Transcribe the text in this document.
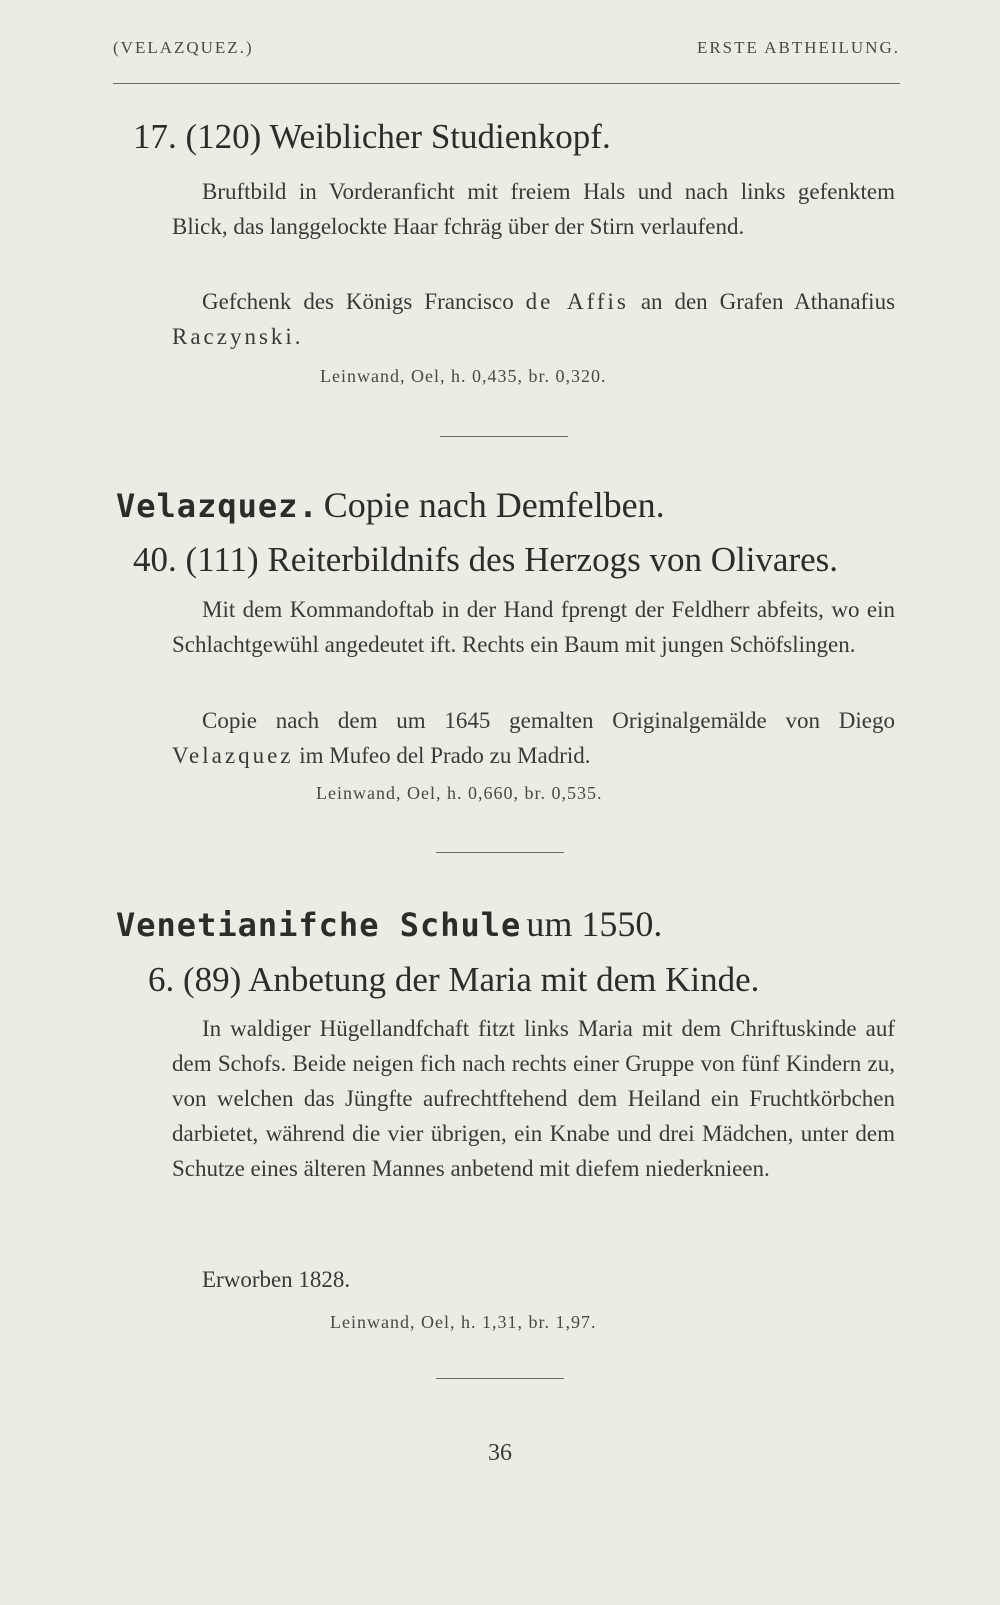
(VELAZQUEZ.)	ERSTE ABTHEILUNG.
17. (120) Weiblicher Studienkopf.

Bruftbild in Vorderanficht mit freiem Hals und nach links gefenktem Blick, das langgelockte Haar fchräg über der Stirn verlaufend.

Gefchenk des Königs Francisco de Affis an den Grafen Athanafius Raczynski.

Leinwand, Oel, h. 0,435, br. 0,320.
Velazquez. Copie nach Demfelben.
40. (111) Reiterbildnifs des Herzogs von Olivares.

Mit dem Kommandoftab in der Hand fprengt der Feldherr abfeits, wo ein Schlachtgewühl angedeutet ift. Rechts ein Baum mit jungen Schöfslingen.

Copie nach dem um 1645 gemalten Originalgemälde von Diego Velazquez im Mufeo del Prado zu Madrid.

Leinwand, Oel, h. 0,660, br. 0,535.
Venetianifche Schule um 1550.
6. (89) Anbetung der Maria mit dem Kinde.

In waldiger Hügellandfchaft fitzt links Maria mit dem Chriftuskinde auf dem Schofs. Beide neigen fich nach rechts einer Gruppe von fünf Kindern zu, von welchen das Jüngfte aufrechtftehend dem Heiland ein Fruchtkörbchen darbietet, während die vier übrigen, ein Knabe und drei Mädchen, unter dem Schutze eines älteren Mannes anbetend mit diefem niederknieen.

Erworben 1828.

Leinwand, Oel, h. 1,31, br. 1,97.
36
